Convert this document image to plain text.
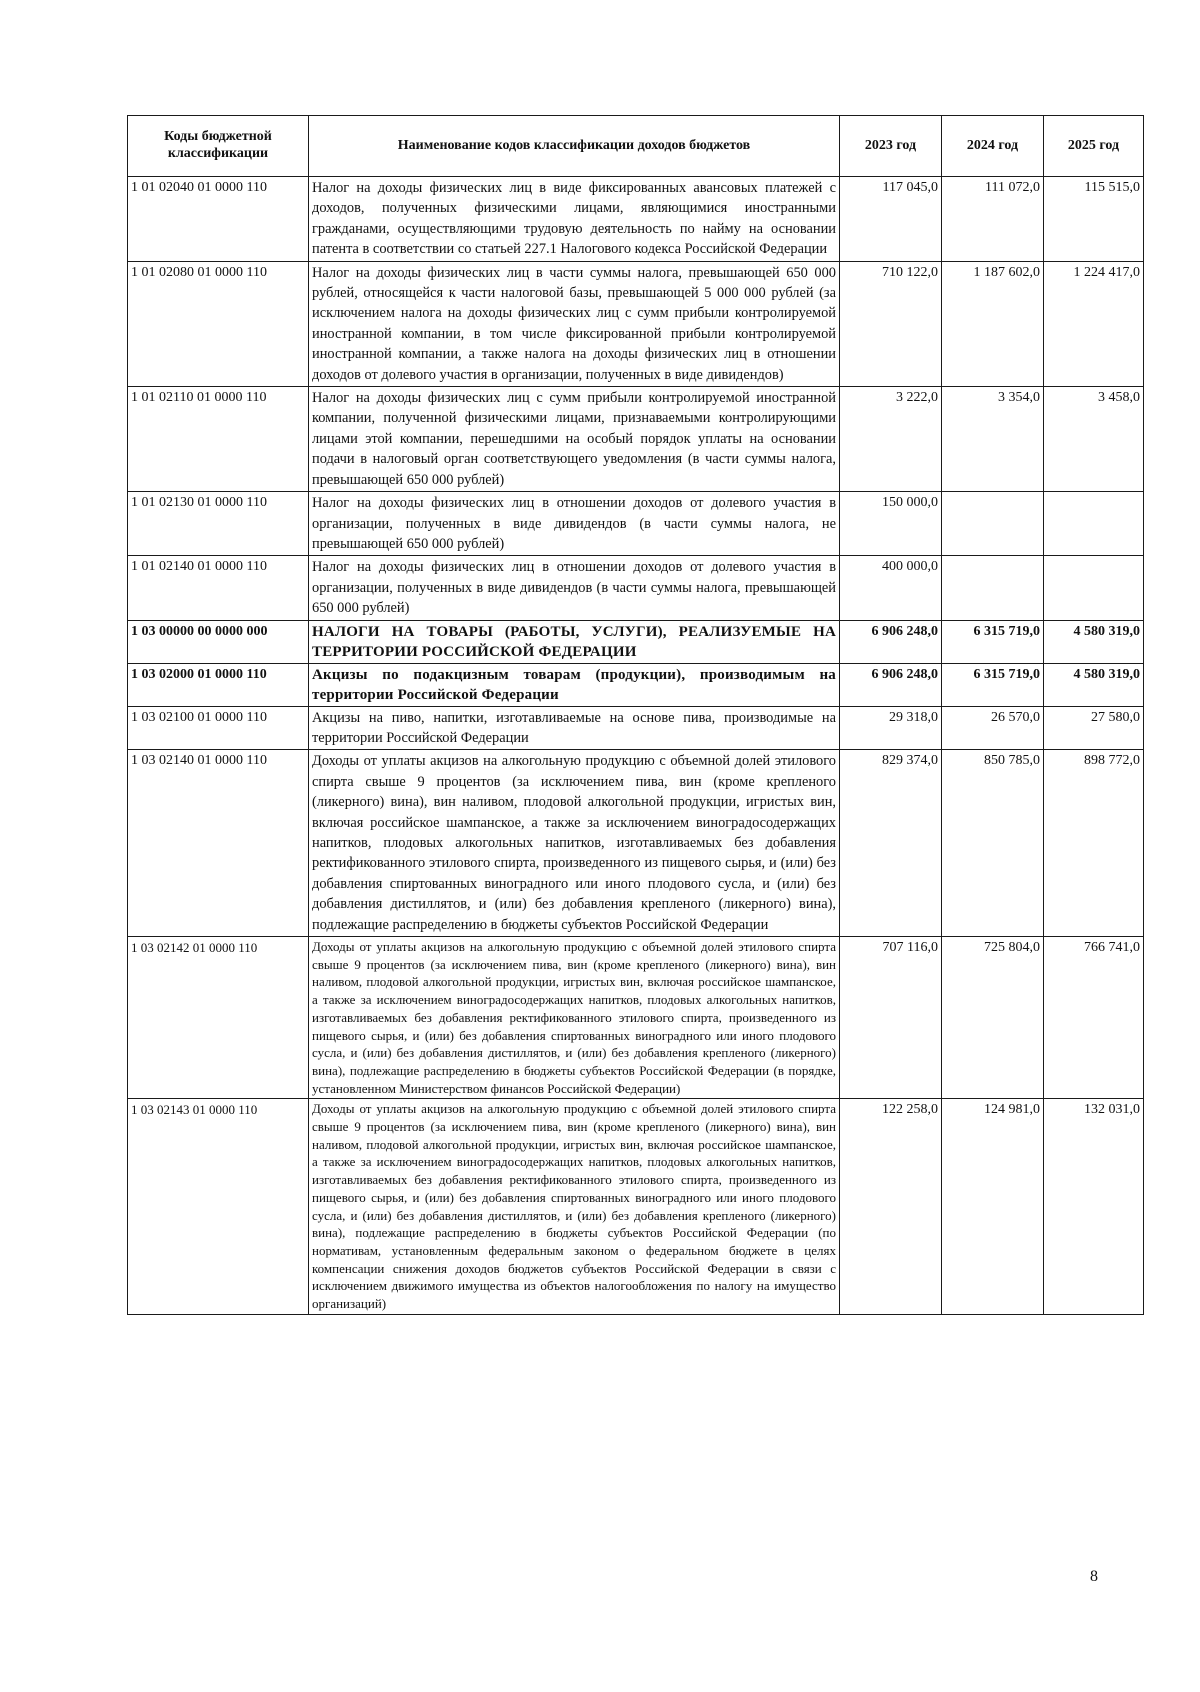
Коды бюджетной классификации	Наименование кодов классификации доходов бюджетов	2023 год	2024 год	2025 год
1 01 02040 01 0000 110	Налог на доходы физических лиц в виде фиксированных авансовых платежей с доходов, полученных физическими лицами, являющимися иностранными гражданами, осуществляющими трудовую деятельность по найму на основании патента в соответствии со статьей 227.1 Налогового кодекса Российской Федерации	117 045,0	111 072,0	115 515,0
1 01 02080 01 0000 110	Налог на доходы физических лиц в части суммы налога, превышающей 650 000 рублей, относящейся к части налоговой базы, превышающей 5 000 000 рублей (за исключением налога на доходы физических лиц с сумм прибыли контролируемой иностранной компании, в том числе фиксированной прибыли контролируемой иностранной компании, а также налога на доходы физических лиц в отношении доходов от долевого участия в организации, полученных в виде дивидендов)	710 122,0	1 187 602,0	1 224 417,0
1 01 02110 01 0000 110	Налог на доходы физических лиц с сумм прибыли контролируемой иностранной компании, полученной физическими лицами, признаваемыми контролирующими лицами этой компании, перешедшими на особый порядок уплаты на основании подачи в налоговый орган соответствующего уведомления (в части суммы налога, превышающей 650 000 рублей)	3 222,0	3 354,0	3 458,0
1 01 02130 01 0000 110	Налог на доходы физических лиц в отношении доходов от долевого участия в организации, полученных в виде дивидендов (в части суммы налога, не превышающей 650 000 рублей)	150 000,0		
1 01 02140 01 0000 110	Налог на доходы физических лиц в отношении доходов от долевого участия в организации, полученных в виде дивидендов (в части суммы налога, превышающей 650 000 рублей)	400 000,0		
1 03 00000 00 0000 000	НАЛОГИ НА ТОВАРЫ (РАБОТЫ, УСЛУГИ), РЕАЛИЗУЕМЫЕ НА ТЕРРИТОРИИ РОССИЙСКОЙ ФЕДЕРАЦИИ	6 906 248,0	6 315 719,0	4 580 319,0
1 03 02000 01 0000 110	Акцизы по подакцизным товарам (продукции), производимым на территории Российской Федерации	6 906 248,0	6 315 719,0	4 580 319,0
1 03 02100 01 0000 110	Акцизы на пиво, напитки, изготавливаемые на основе пива, производимые на территории Российской Федерации	29 318,0	26 570,0	27 580,0
1 03 02140 01 0000 110	Доходы от уплаты акцизов на алкогольную продукцию с объемной долей этилового спирта свыше 9 процентов (за исключением пива, вин (кроме крепленого (ликерного) вина), вин наливом, плодовой алкогольной продукции, игристых вин, включая российское шампанское, а также за исключением виноградосодержащих напитков, плодовых алкогольных напитков, изготавливаемых без добавления ректификованного этилового спирта, произведенного из пищевого сырья, и (или) без добавления спиртованных виноградного или иного плодового сусла, и (или) без добавления дистиллятов, и (или) без добавления крепленого (ликерного) вина), подлежащие распределению в бюджеты субъектов Российской Федерации	829 374,0	850 785,0	898 772,0
1 03 02142 01 0000 110	Доходы от уплаты акцизов на алкогольную продукцию с объемной долей этилового спирта свыше 9 процентов (за исключением пива, вин (кроме крепленого (ликерного) вина), вин наливом, плодовой алкогольной продукции, игристых вин, включая российское шампанское, а также за исключением виноградосодержащих напитков, плодовых алкогольных напитков, изготавливаемых без добавления ректификованного этилового спирта, произведенного из пищевого сырья, и (или) без добавления спиртованных виноградного или иного плодового сусла, и (или) без добавления дистиллятов, и (или) без добавления крепленого (ликерного) вина), подлежащие распределению в бюджеты субъектов Российской Федерации (в порядке, установленном Министерством финансов Российской Федерации)	707 116,0	725 804,0	766 741,0
1 03 02143 01 0000 110	Доходы от уплаты акцизов на алкогольную продукцию с объемной долей этилового спирта свыше 9 процентов (за исключением пива, вин (кроме крепленого (ликерного) вина), вин наливом, плодовой алкогольной продукции, игристых вин, включая российское шампанское, а также за исключением виноградосодержащих напитков, плодовых алкогольных напитков, изготавливаемых без добавления ректификованного этилового спирта, произведенного из пищевого сырья, и (или) без добавления спиртованных виноградного или иного плодового сусла, и (или) без добавления дистиллятов, и (или) без добавления крепленого (ликерного) вина), подлежащие распределению в бюджеты субъектов Российской Федерации (по нормативам, установленным федеральным законом о федеральном бюджете в целях компенсации снижения доходов бюджетов субъектов Российской Федерации в связи с исключением движимого имущества из объектов налогообложения по налогу на имущество организаций)	122 258,0	124 981,0	132 031,0
8
